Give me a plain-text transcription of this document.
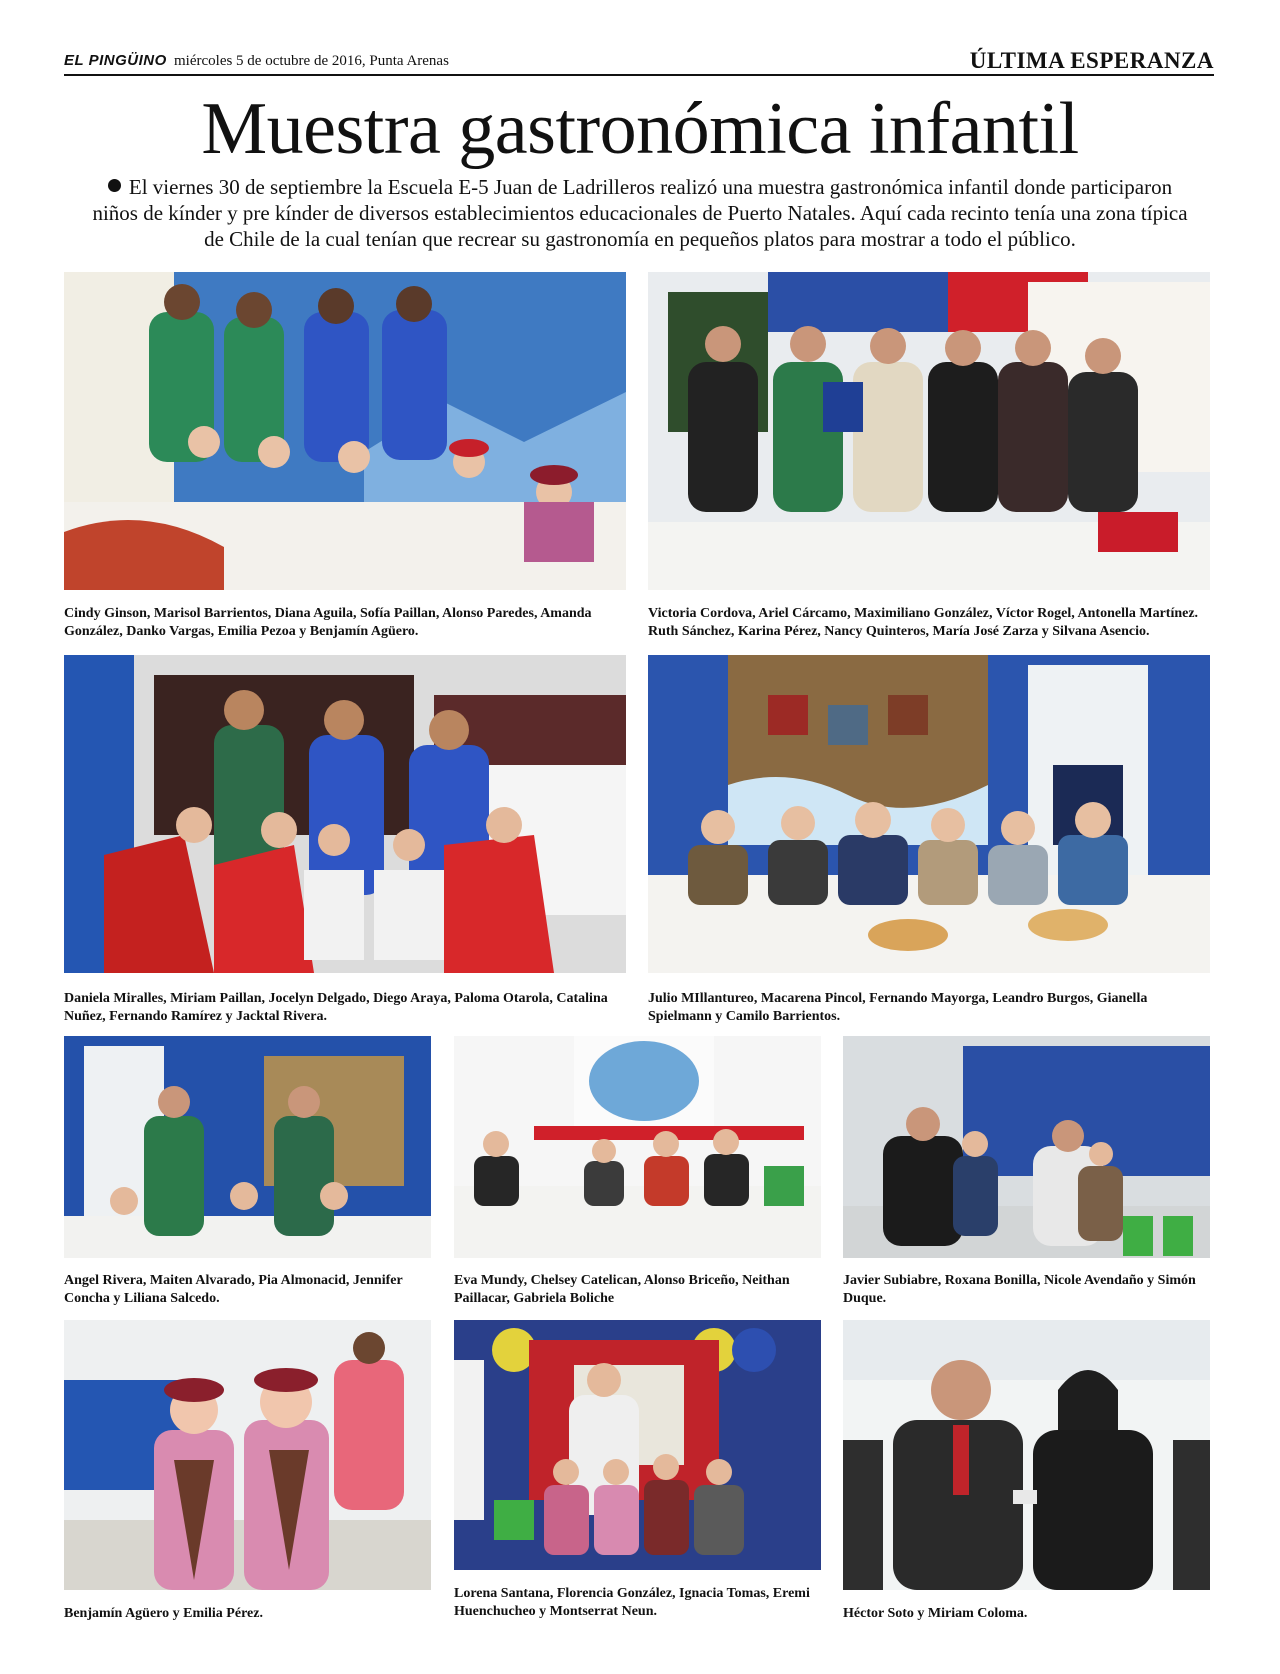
EL PINGÜINO miércoles 5 de octubre de 2016, Punta Arenas	ÚLTIMA ESPERANZA
Muestra gastronómica infantil
El viernes 30 de septiembre la Escuela E-5 Juan de Ladrilleros realizó una muestra gastronómica infantil donde participaron niños de kínder y pre kínder de diversos establecimientos educacionales de Puerto Natales. Aquí cada recinto tenía una zona típica de Chile de la cual tenían que recrear su gastronomía en pequeños platos para mostrar a todo el público.
Cindy Ginson, Marisol Barrientos, Diana Aguila, Sofía Paillan, Alonso Paredes, Amanda González, Danko Vargas, Emilia Pezoa y Benjamín Agüero.
Victoria Cordova, Ariel Cárcamo, Maximiliano González, Víctor Rogel, Antonella Martínez. Ruth Sánchez, Karina Pérez, Nancy Quinteros, María José Zarza y Silvana Asencio.
Daniela Miralles, Miriam Paillan, Jocelyn Delgado, Diego Araya, Paloma Otarola, Catalina Nuñez, Fernando Ramírez y Jacktal Rivera.
Julio MIllantureo, Macarena Pincol, Fernando Mayorga, Leandro Burgos, Gianella Spielmann y Camilo Barrientos.
Angel Rivera, Maiten Alvarado, Pia Almonacid, Jennifer Concha y Liliana Salcedo.
Eva Mundy, Chelsey Catelican, Alonso Briceño, Neithan Paillacar, Gabriela Boliche
Javier Subiabre, Roxana Bonilla, Nicole Avendaño y Simón Duque.
Benjamín Agüero y Emilia Pérez.
Lorena Santana, Florencia González, Ignacia Tomas, Eremi Huenchucheo y Montserrat Neun.	Héctor Soto y Miriam Coloma.
